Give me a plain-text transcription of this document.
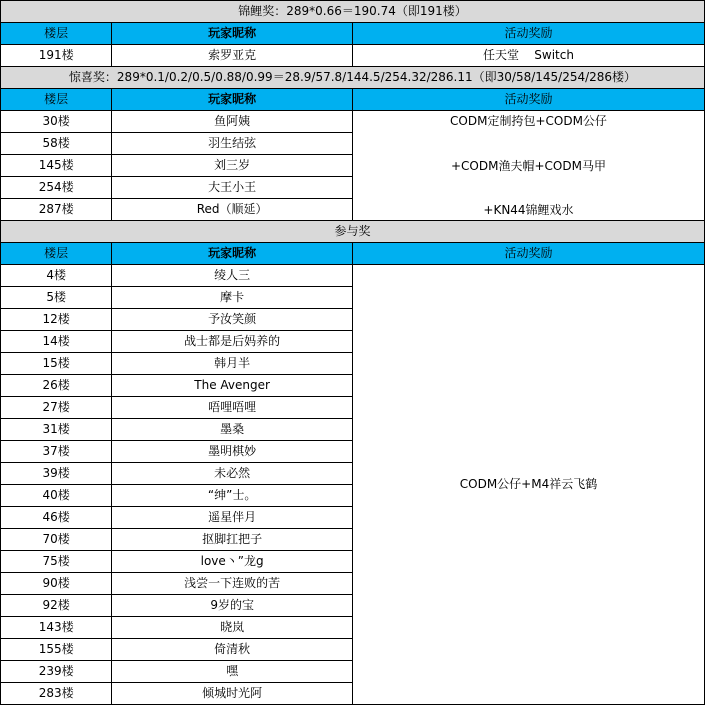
锦鲤奖：289*0.66＝190.74（即191楼）		
楼层	玩家昵称	活动奖励
191楼	索罗亚克	任天堂    Switch
惊喜奖：289*0.1/0.2/0.5/0.88/0.99＝28.9/57.8/144.5/254.32/286.11（即30/58/145/254/286楼）		
楼层	玩家昵称	活动奖励
30楼	鱼阿姨	CODM定制挎包+CODM公仔
+CODM渔夫帽+CODM马甲
+KN44锦鲤戏水

58楼	羽生结弦	
145楼	刘三岁	
254楼	大王小王	
287楼	Red（顺延）	
参与奖		
楼层	玩家昵称	活动奖励
4楼	绫人三	CODM公仔+M4祥云飞鹤
5楼	摩卡	
12楼	予汝笑颜	
14楼	战士都是后妈养的	
15楼	韩月半	
26楼	The Avenger	
27楼	唔哩唔哩	
31楼	墨桑	
37楼	墨明棋妙	
39楼	未必然	
40楼	“绅”士。	
46楼	遥星伴月	
70楼	抠脚扛把子	
75楼	love丶”龙g	
90楼	浅尝一下连败的苦	
92楼	9岁的宝	
143楼	晓岚	
155楼	倚清秋	
239楼	嘿	
283楼	倾城时光阿	
